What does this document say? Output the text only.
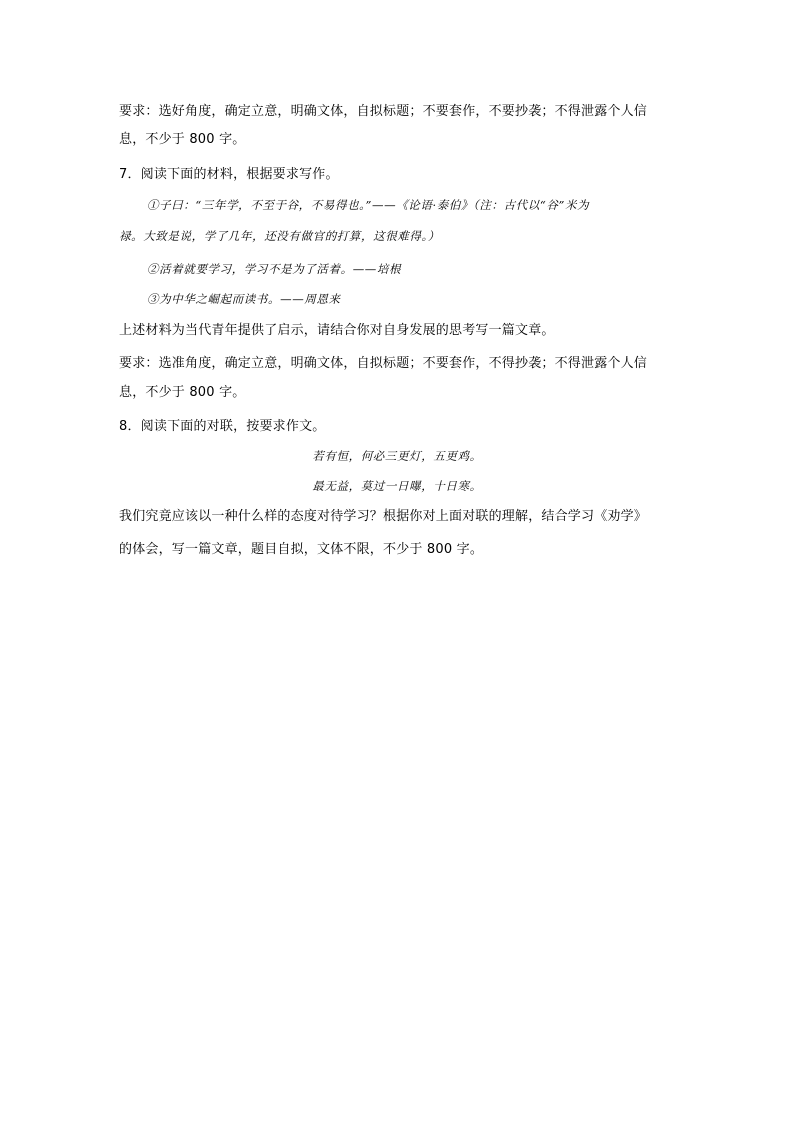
要求：选好角度，确定立意，明确文体，自拟标题；不要套作，不要抄袭；不得泄露个人信
息，不少于 800 字。
7．阅读下面的材料，根据要求写作。
①子曰：“三年学，不至于谷，不易得也。”——《论语·泰伯》（注：古代以“谷”米为
禄。大致是说，学了几年，还没有做官的打算，这很难得。）
②活着就要学习，学习不是为了活着。——培根
③为中华之崛起而读书。——周恩来
上述材料为当代青年提供了启示，请结合你对自身发展的思考写一篇文章。
要求：选准角度，确定立意，明确文体，自拟标题；不要套作，不得抄袭；不得泄露个人信
息，不少于 800 字。
8．阅读下面的对联，按要求作文。
若有恒，何必三更灯，五更鸡。
最无益，莫过一日曝，十日寒。
我们究竟应该以一种什么样的态度对待学习？根据你对上面对联的理解，结合学习《劝学》
的体会，写一篇文章，题目自拟，文体不限，不少于 800 字。
